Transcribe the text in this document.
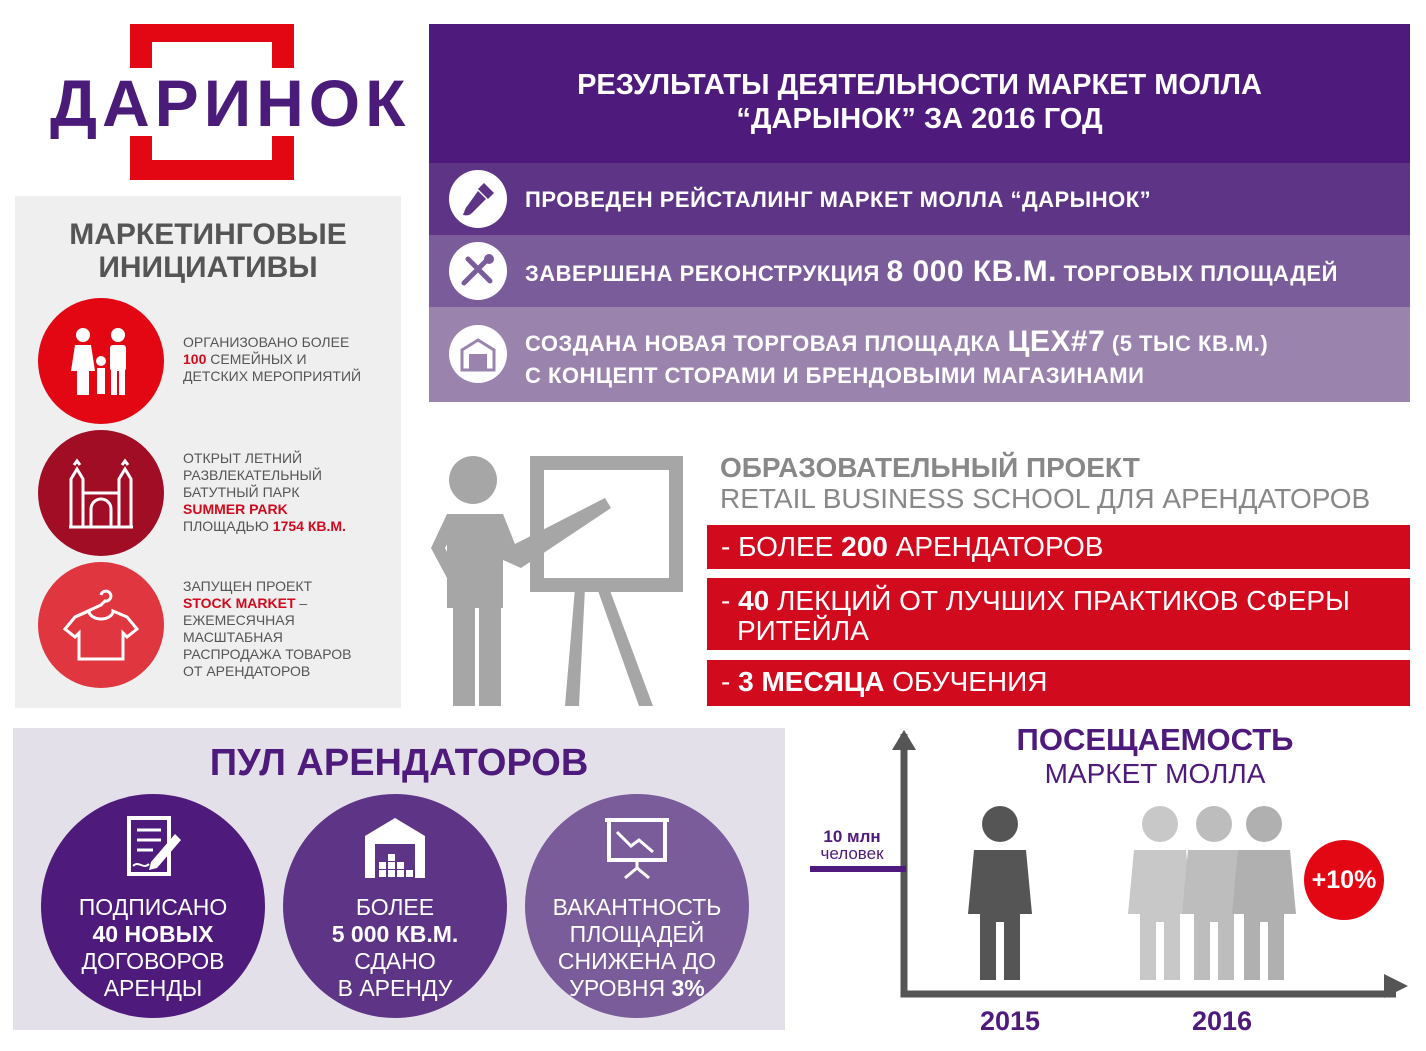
ДАРИНОК	РЕЗУЛЬТАТЫ ДЕЯТЕЛЬНОСТИ МАРКЕТ МОЛЛА
“ДАРЫНОК” ЗА 2016 ГОД
ПРОВЕДЕН РЕЙСТАЛИНГ МАРКЕТ МОЛЛА “ДАРЫНОК”
ЗАВЕРШЕНА РЕКОНСТРУКЦИЯ 8 000 КВ.М. ТОРГОВЫХ ПЛОЩАДЕЙ
СОЗДАНА НОВАЯ ТОРГОВАЯ ПЛОЩАДКА ЦЕХ#7 (5 ТЫС КВ.М.)
С КОНЦЕПТ СТОРАМИ И БРЕНДОВЫМИ МАГАЗИНАМИ
МАРКЕТИНГОВЫЕ
ИНИЦИАТИВЫ
ОРГАНИЗОВАНО БОЛЕЕ
100 СЕМЕЙНЫХ И
ДЕТСКИХ МЕРОПРИЯТИЙ
ОТКРЫТ ЛЕТНИЙ
РАЗВЛЕКАТЕЛЬНЫЙ
БАТУТНЫЙ ПАРК
SUMMER PARK
ПЛОЩАДЬЮ 1754 КВ.М.
ЗАПУЩЕН ПРОЕКТ
STOCK MARKET –
ЕЖЕМЕСЯЧНАЯ
МАСШТАБНАЯ
РАСПРОДАЖА ТОВАРОВ
ОТ АРЕНДАТОРОВ
ОБРАЗОВАТЕЛЬНЫЙ ПРОЕКТ
RETAIL BUSINESS SCHOOL ДЛЯ АРЕНДАТОРОВ
- БОЛЕЕ 200 АРЕНДАТОРОВ
- 40 ЛЕКЦИЙ ОТ ЛУЧШИХ ПРАКТИКОВ СФЕРЫ
РИТЕЙЛА
- 3 МЕСЯЦА ОБУЧЕНИЯ
ПУЛ АРЕНДАТОРОВ
ПОДПИСАНО
40 НОВЫХ
ДОГОВОРОВ
АРЕНДЫ
БОЛЕЕ
5 000 КВ.М.
СДАНО
В АРЕНДУ
ВАКАНТНОСТЬ
ПЛОЩАДЕЙ
СНИЖЕНА ДО
УРОВНЯ 3%
ПОСЕЩАЕМОСТЬ
МАРКЕТ МОЛЛА
10 млн
человек
+10%
2015	2016
